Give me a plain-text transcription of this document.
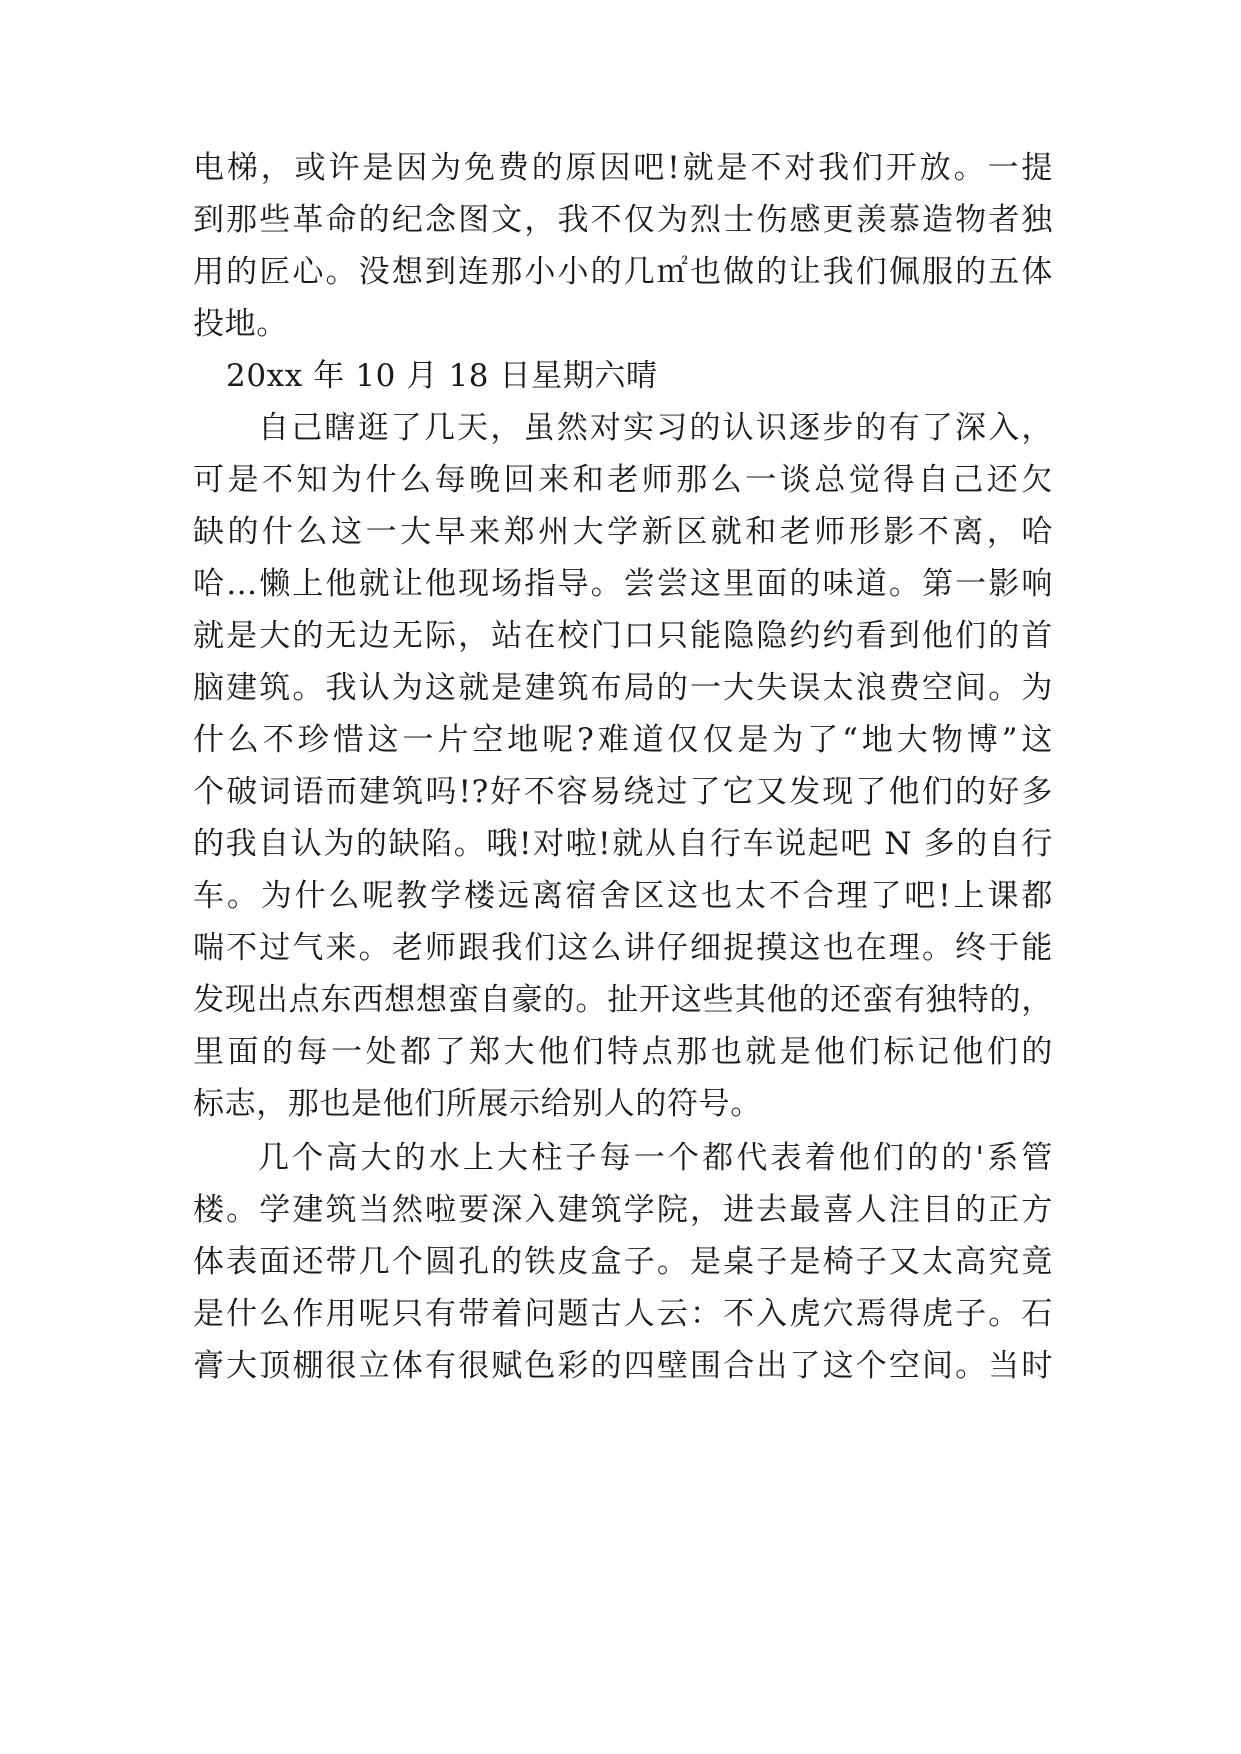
电梯，或许是因为免费的原因吧!就是不对我们开放。一提
到那些革命的纪念图文，我不仅为烈士伤感更羡慕造物者独
用的匠心。没想到连那小小的几㎡也做的让我们佩服的五体
投地。
20xx 年 10 月 18 日星期六晴
自己瞎逛了几天，虽然对实习的认识逐步的有了深入，
可是不知为什么每晚回来和老师那么一谈总觉得自己还欠
缺的什么这一大早来郑州大学新区就和老师形影不离，哈
哈…懒上他就让他现场指导。尝尝这里面的味道。第一影响
就是大的无边无际，站在校门口只能隐隐约约看到他们的首
脑建筑。我认为这就是建筑布局的一大失误太浪费空间。为
什么不珍惜这一片空地呢?难道仅仅是为了“地大物博”这
个破词语而建筑吗!?好不容易绕过了它又发现了他们的好多
的我自认为的缺陷。哦!对啦!就从自行车说起吧 N 多的自行
车。为什么呢教学楼远离宿舍区这也太不合理了吧!上课都
喘不过气来。老师跟我们这么讲仔细捉摸这也在理。终于能
发现出点东西想想蛮自豪的。扯开这些其他的还蛮有独特的，
里面的每一处都了郑大他们特点那也就是他们标记他们的
标志，那也是他们所展示给别人的符号。
几个高大的水上大柱子每一个都代表着他们的的'系管
楼。学建筑当然啦要深入建筑学院，进去最喜人注目的正方
体表面还带几个圆孔的铁皮盒子。是桌子是椅子又太高究竟
是什么作用呢只有带着问题古人云：不入虎穴焉得虎子。石
膏大顶棚很立体有很赋色彩的四壁围合出了这个空间。当时
